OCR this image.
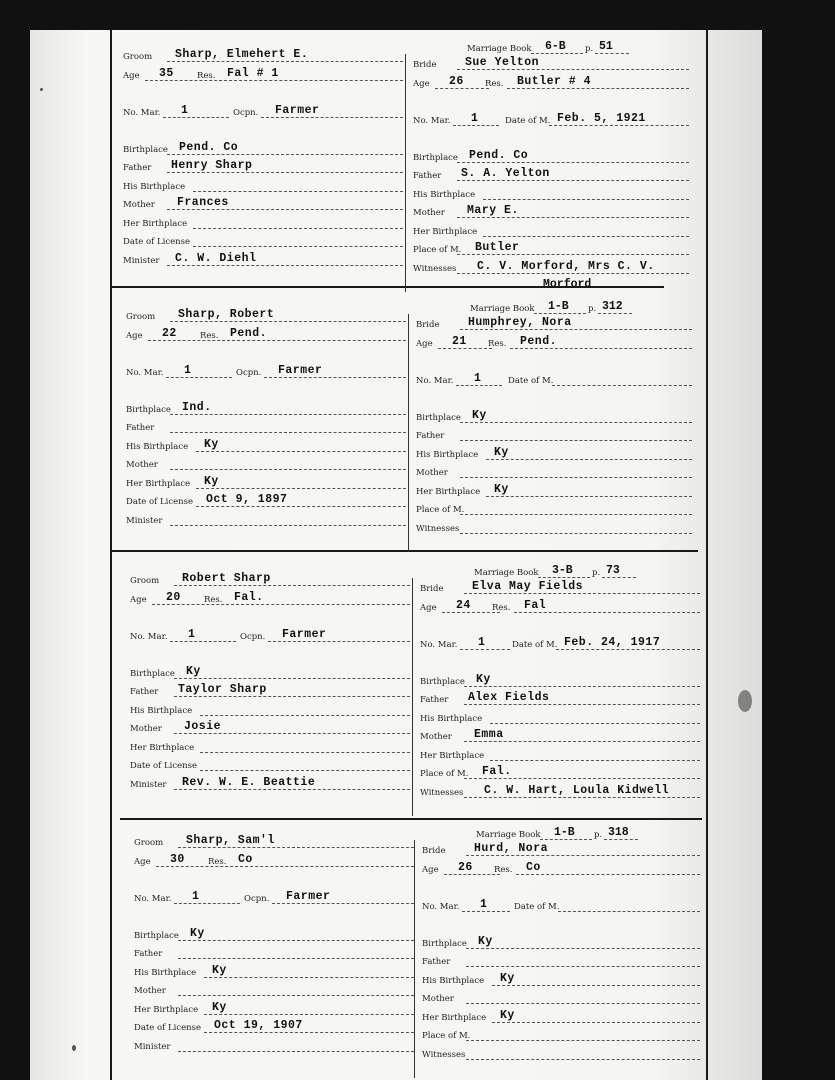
Groom Sharp, Elmehert E.
Age 35	Res. Fal # 1
No. Mar. 1	Ocpn. Farmer
Birthplace Pend. Co
Father Henry Sharp
His Birthplace
Mother Frances
Her Birthplace
Date of License
Minister C. W. Diehl
Marriage Book 6-B p. 51
Bride Sue Yelton
Age 26 Res. Butler # 4
No. Mar. 1	Date of M. Feb. 5, 1921
Birthplace Pend. Co
Father S. A. Yelton
His Birthplace
Mother Mary E.
Her Birthplace
Place of M. Butler
Witnesses C. V. Morford, Mrs C. V.
Morford
Groom Sharp, Robert
Age 22	Res. Pend.
No. Mar. 1	Ocpn. Farmer
Birthplace Ind.
Father
His Birthplace Ky
Mother
Her Birthplace Ky
Date of License Oct 9, 1897
Minister
Marriage Book 1-B p. 312
Bride Humphrey, Nora
Age 21 Res. Pend.
No. Mar. 1	Date of M.
Birthplace Ky
Father
His Birthplace Ky
Mother
Her Birthplace Ky
Place of M.
Witnesses
Groom Robert Sharp
Age 20	Res. Fal.
No. Mar. 1	Ocpn. Farmer
Birthplace Ky
Father Taylor Sharp
His Birthplace
Mother Josie
Her Birthplace
Date of License
Minister Rev. W. E. Beattie
Marriage Book 3-B p. 73
Bride Elva May Fields
Age 24 Res. Fal
No. Mar. 1	Date of M. Feb. 24, 1917
Birthplace Ky
Father Alex Fields
His Birthplace
Mother Emma
Her Birthplace
Place of M. Fal.
Witnesses C. W. Hart, Loula Kidwell
Groom Sharp, Sam'l
Age 30	Res. Co
No. Mar. 1	Ocpn. Farmer
Birthplace Ky
Father
His Birthplace Ky
Mother
Her Birthplace Ky
Date of License Oct 19, 1907
Minister
Marriage Book 1-B p. 318
Bride Hurd, Nora
Age 26 Res. Co
No. Mar. 1	Date of M.
Birthplace Ky
Father
His Birthplace Ky
Mother
Her Birthplace Ky
Place of M.
Witnesses
